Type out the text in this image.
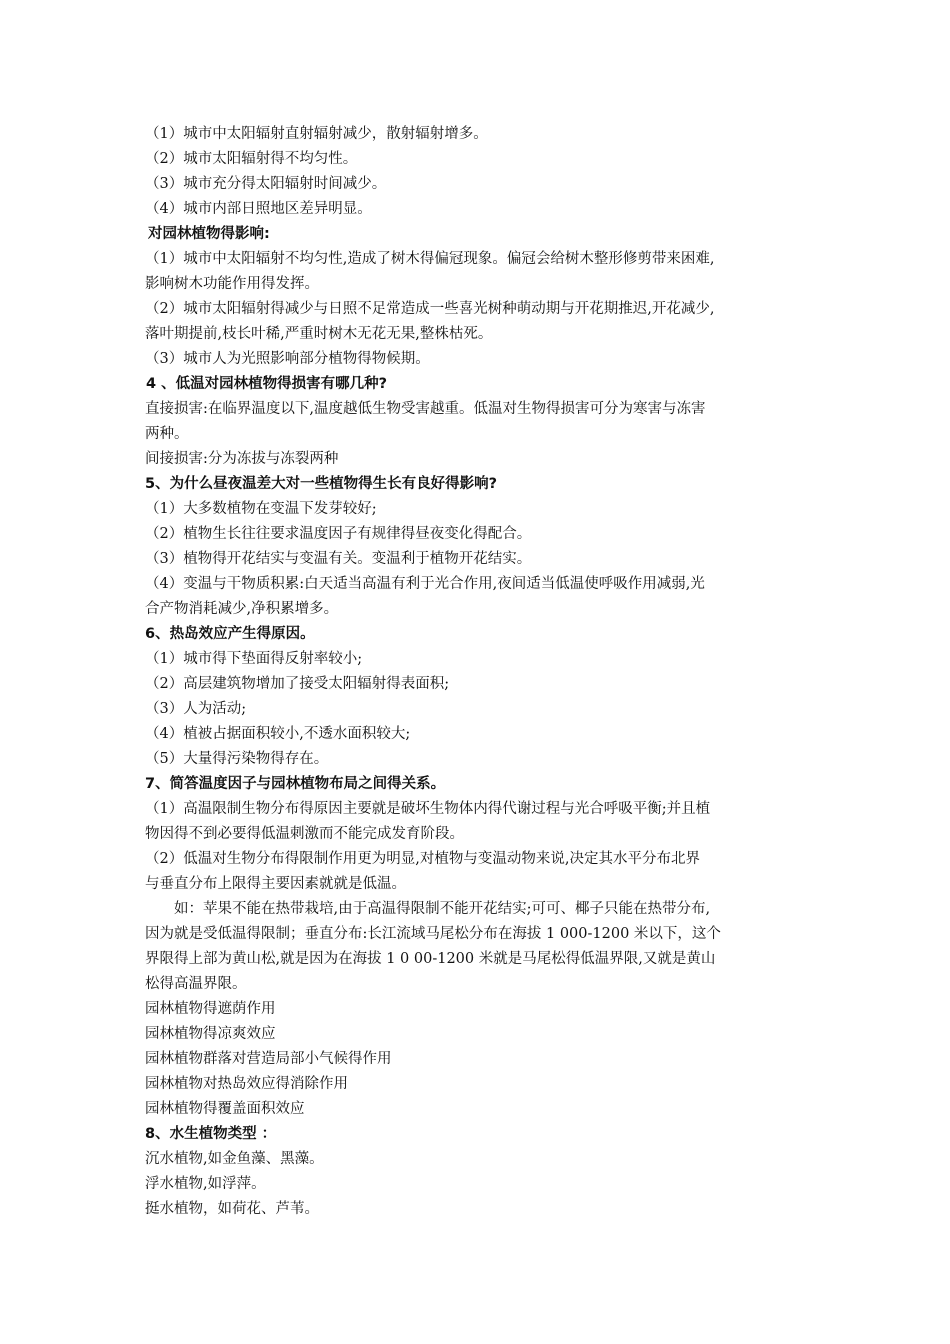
（1）城市中太阳辐射直射辐射减少，散射辐射增多。
（2）城市太阳辐射得不均匀性。
（3）城市充分得太阳辐射时间减少。
（4）城市内部日照地区差异明显。
对园林植物得影响:
（1）城市中太阳辐射不均匀性,造成了树木得偏冠现象。偏冠会给树木整形修剪带来困难,
影响树木功能作用得发挥。
（2）城市太阳辐射得减少与日照不足常造成一些喜光树种萌动期与开花期推迟,开花减少,
落叶期提前,枝长叶稀,严重时树木无花无果,整株枯死。
（3）城市人为光照影响部分植物得物候期。
4 、低温对园林植物得损害有哪几种?
直接损害:在临界温度以下,温度越低生物受害越重。低温对生物得损害可分为寒害与冻害
两种。
间接损害:分为冻拔与冻裂两种
5、为什么昼夜温差大对一些植物得生长有良好得影响?
（1）大多数植物在变温下发芽较好;
（2）植物生长往往要求温度因子有规律得昼夜变化得配合。
（3）植物得开花结实与变温有关。变温利于植物开花结实。
（4）变温与干物质积累:白天适当高温有利于光合作用,夜间适当低温使呼吸作用减弱,光
合产物消耗减少,净积累增多。
6、热岛效应产生得原因。
（1）城市得下垫面得反射率较小;
（2）高层建筑物增加了接受太阳辐射得表面积;
（3）人为活动;
（4）植被占据面积较小,不透水面积较大;
（5）大量得污染物得存在。
7、简答温度因子与园林植物布局之间得关系。
（1）高温限制生物分布得原因主要就是破坏生物体内得代谢过程与光合呼吸平衡;并且植
物因得不到必要得低温刺激而不能完成发育阶段。
（2）低温对生物分布得限制作用更为明显,对植物与变温动物来说,决定其水平分布北界
与垂直分布上限得主要因素就就是低温。
如：苹果不能在热带栽培,由于高温得限制不能开花结实;可可、椰子只能在热带分布,
因为就是受低温得限制；垂直分布:长江流域马尾松分布在海拔 1 000-1200 米以下，这个
界限得上部为黄山松,就是因为在海拔 1 0 00-1200 米就是马尾松得低温界限,又就是黄山
松得高温界限。
园林植物得遮荫作用
园林植物得凉爽效应
园林植物群落对营造局部小气候得作用
园林植物对热岛效应得消除作用
园林植物得覆盖面积效应
8、水生植物类型 ：
沉水植物,如金鱼藻、黑藻。
浮水植物,如浮萍。
挺水植物，如荷花、芦苇。
